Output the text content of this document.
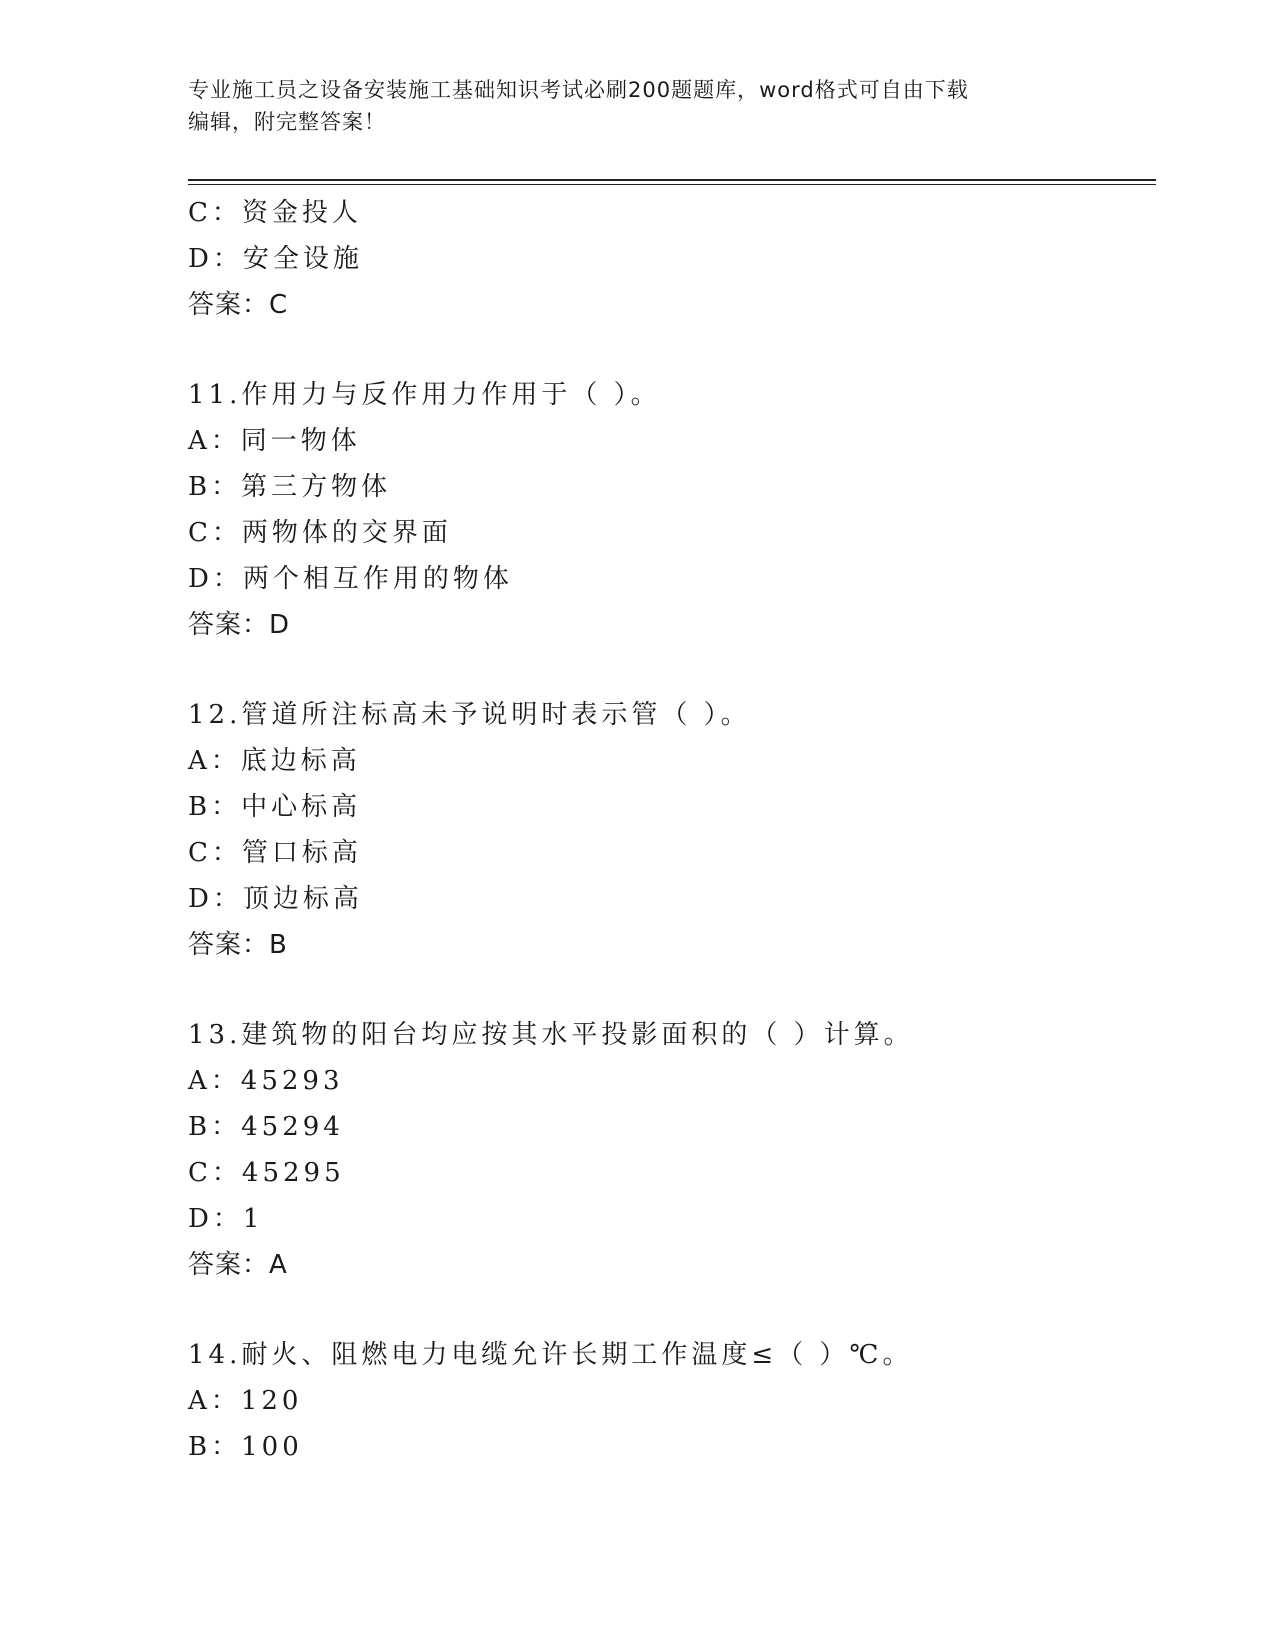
专业施工员之设备安装施工基础知识考试必刷200题题库，word格式可自由下载
编辑，附完整答案！
C：资金投人
D：安全设施
答案：C
11.作用力与反作用力作用于（ ）。
A：同一物体
B：第三方物体
C：两物体的交界面
D：两个相互作用的物体
答案：D
12.管道所注标高未予说明时表示管（ ）。
A：底边标高
B：中心标高
C：管口标高
D：顶边标高
答案：B
13.建筑物的阳台均应按其水平投影面积的（ ）计算。
A：45293
B：45294
C：45295
D：1
答案：A
14.耐火、阻燃电力电缆允许长期工作温度≤（ ）℃。
A：120
B：100
